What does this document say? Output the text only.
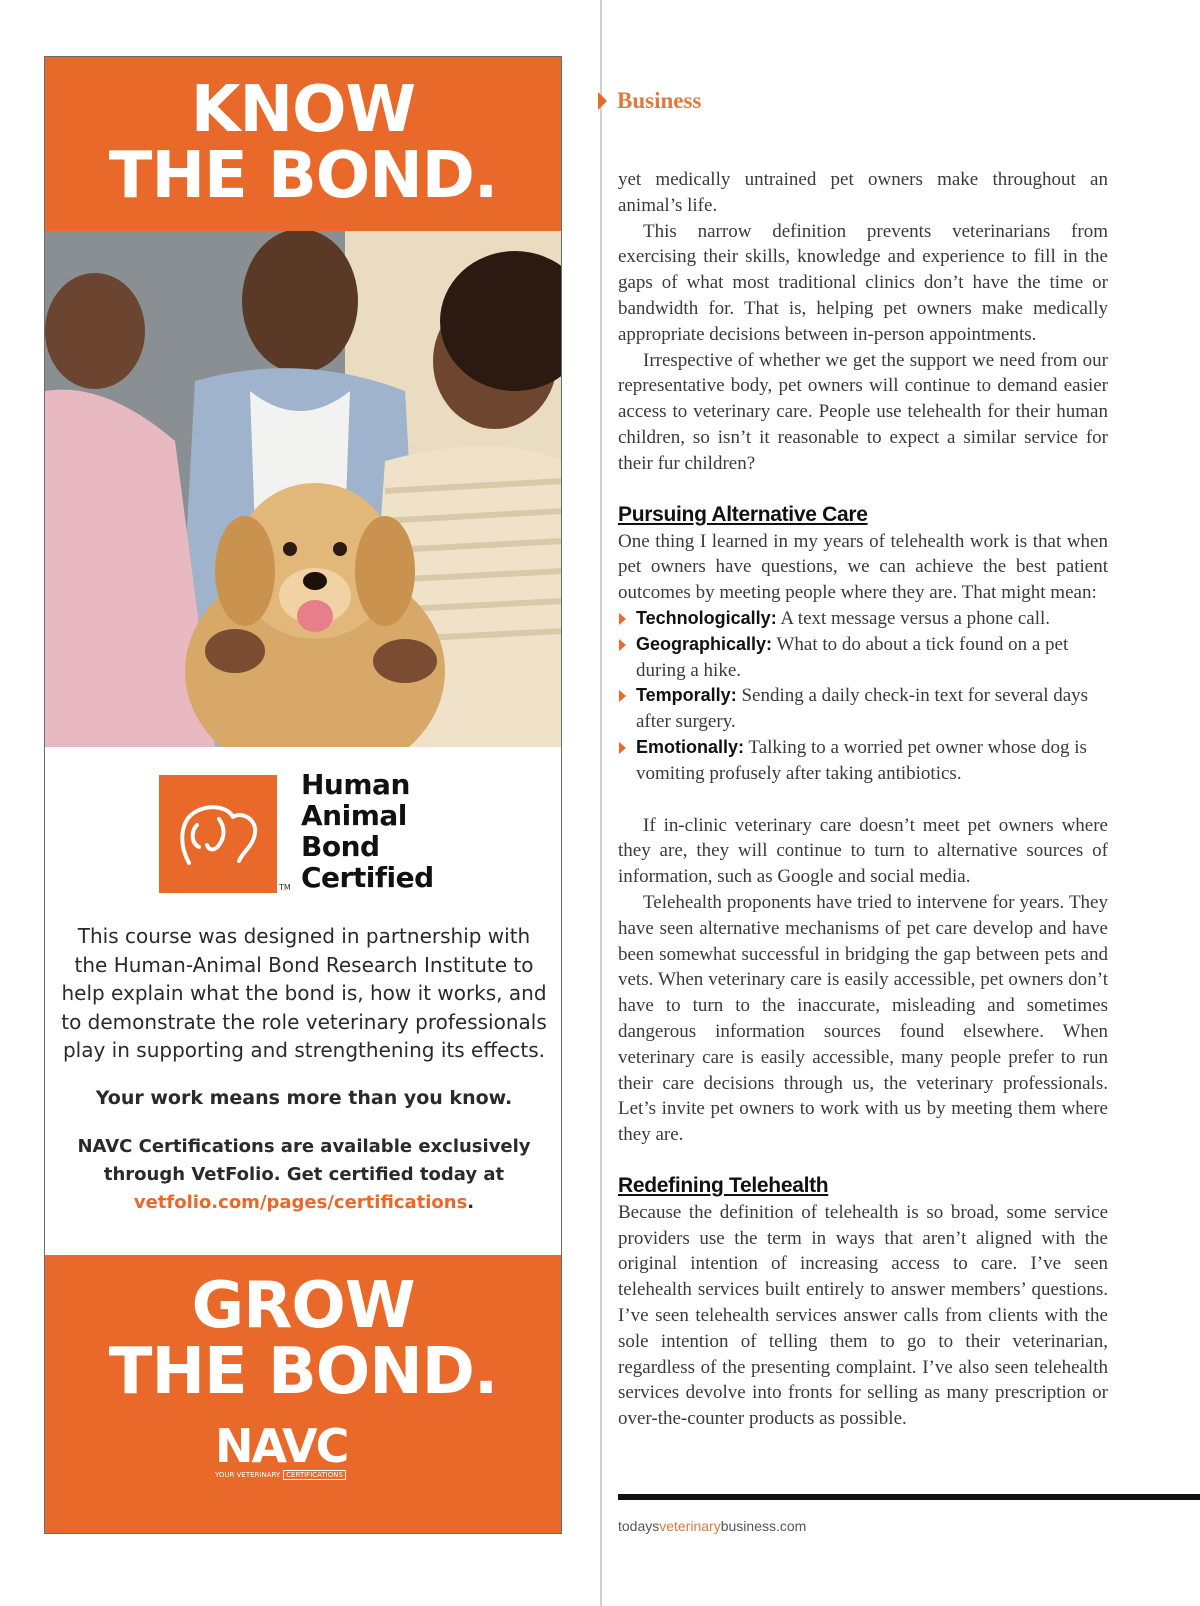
KNOW
THE BOND.
TM
Human
Animal
Bond
Certified

This course was designed in partnership with the Human-Animal Bond Research Institute to help explain what the bond is, how it works, and to demonstrate the role veterinary professionals play in supporting and strengthening its effects.

Your work means more than you know.

NAVC Certifications are available exclusively through VetFolio. Get certified today at vetfolio.com/pages/certifications.

GROW
THE BOND.
NAVC
YOUR VETERINARY CERTIFICATIONS
Business

yet medically untrained pet owners make throughout an animal’s life.

This narrow definition prevents veterinarians from exercising their skills, knowledge and experience to fill in the gaps of what most traditional clinics don’t have the time or bandwidth for. That is, helping pet owners make medically appropriate decisions between in-person appointments.

Irrespective of whether we get the support we need from our representative body, pet owners will continue to demand easier access to veterinary care. People use telehealth for their human children, so isn’t it reasonable to expect a similar service for their fur children?

Pursuing Alternative Care

One thing I learned in my years of telehealth work is that when pet owners have questions, we can achieve the best patient outcomes by meeting people where they are. That might mean:

Technologically: A text message versus a phone call.
Geographically: What to do about a tick found on a pet during a hike.
Temporally: Sending a daily check-in text for several days after surgery.
Emotionally: Talking to a worried pet owner whose dog is vomiting profusely after taking antibiotics.

If in-clinic veterinary care doesn’t meet pet owners where they are, they will continue to turn to alternative sources of information, such as Google and social media.

Telehealth proponents have tried to intervene for years. They have seen alternative mechanisms of pet care develop and have been somewhat successful in bridging the gap between pets and vets. When veterinary care is easily accessible, pet owners don’t have to turn to the inaccurate, misleading and sometimes dangerous information sources found elsewhere. When veterinary care is easily accessible, many people prefer to run their care decisions through us, the veterinary professionals. Let’s invite pet owners to work with us by meeting them where they are.

Redefining Telehealth

Because the definition of telehealth is so broad, some service providers use the term in ways that aren’t aligned with the original intention of increasing access to care. I’ve seen telehealth services built entirely to answer members’ questions. I’ve seen telehealth services answer calls from clients with the sole intention of telling them to go to their veterinarian, regardless of the presenting complaint. I’ve also seen telehealth services devolve into fronts for selling as many prescription or over-the-counter products as possible.

todaysveterinarybusiness.com
